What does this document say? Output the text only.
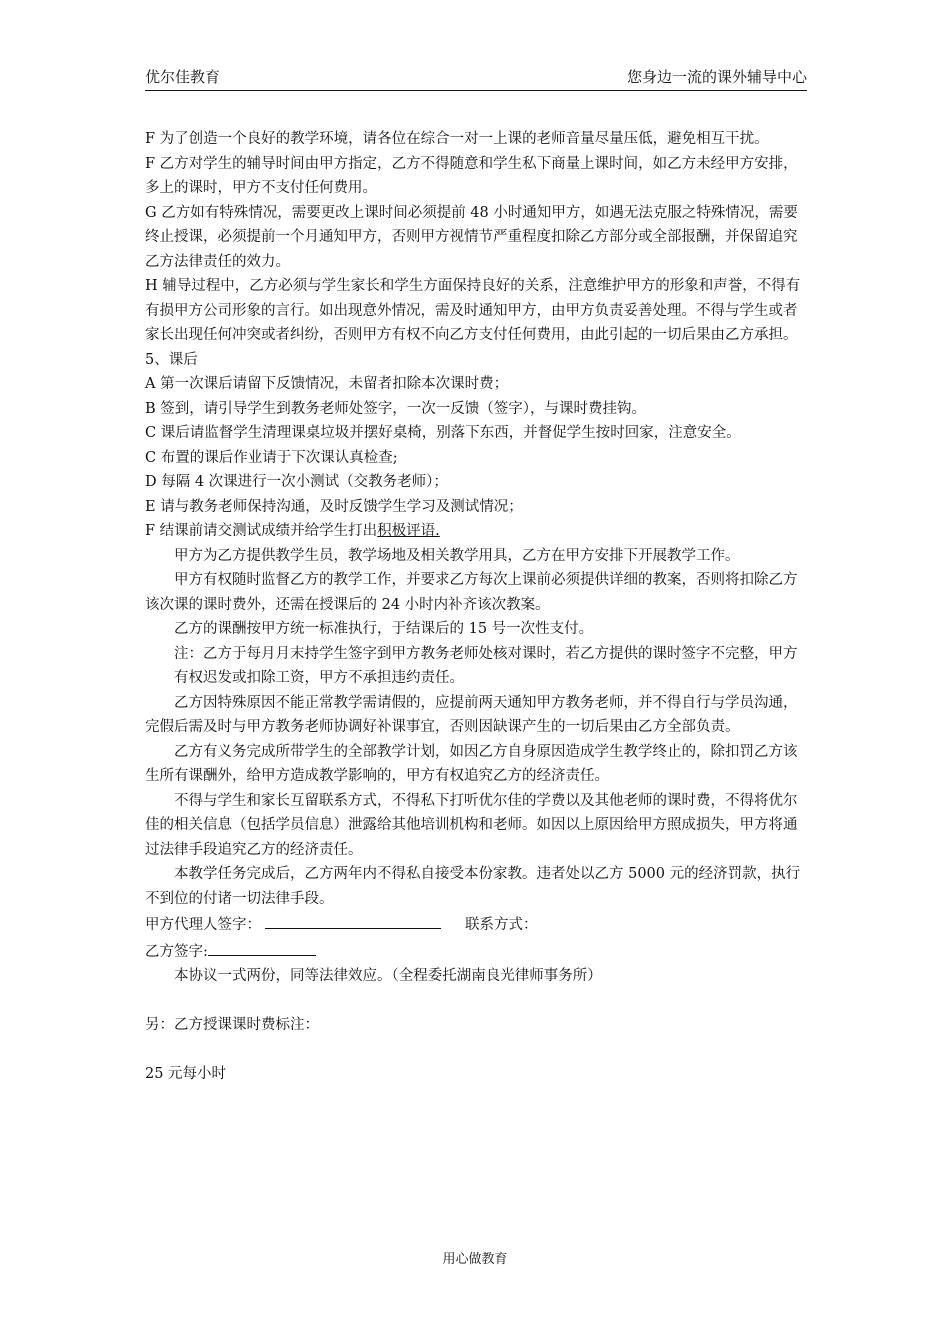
优尔佳教育	您身边一流的课外辅导中心

F 为了创造一个良好的教学环境，请各位在综合一对一上课的老师音量尽量压低，避免相互干扰。

F 乙方对学生的辅导时间由甲方指定，乙方不得随意和学生私下商量上课时间，如乙方未经甲方安排，多上的课时，甲方不支付任何费用。

G 乙方如有特殊情况，需要更改上课时间必须提前 48 小时通知甲方，如遇无法克服之特殊情况，需要终止授课，必须提前一个月通知甲方，否则甲方视情节严重程度扣除乙方部分或全部报酬，并保留追究乙方法律责任的效力。

H 辅导过程中，乙方必须与学生家长和学生方面保持良好的关系，注意维护甲方的形象和声誉，不得有有损甲方公司形象的言行。如出现意外情况，需及时通知甲方，由甲方负责妥善处理。不得与学生或者家长出现任何冲突或者纠纷，否则甲方有权不向乙方支付任何费用，由此引起的一切后果由乙方承担。

5、课后

A 第一次课后请留下反馈情况，未留者扣除本次课时费；

B 签到，请引导学生到教务老师处签字，一次一反馈（签字），与课时费挂钩。

C 课后请监督学生清理课桌垃圾并摆好桌椅，别落下东西，并督促学生按时回家，注意安全。

C 布置的课后作业请于下次课认真检查;

D 每隔 4 次课进行一次小测试（交教务老师）；

E 请与教务老师保持沟通，及时反馈学生学习及测试情况；

F 结课前请交测试成绩并给学生打出积极评语.

甲方为乙方提供教学生员，教学场地及相关教学用具，乙方在甲方安排下开展教学工作。

甲方有权随时监督乙方的教学工作，并要求乙方每次上课前必须提供详细的教案，否则将扣除乙方该次课的课时费外，还需在授课后的 24 小时内补齐该次教案。

乙方的课酬按甲方统一标准执行，于结课后的 15 号一次性支付。

注：乙方于每月月末持学生签字到甲方教务老师处核对课时，若乙方提供的课时签字不完整，甲方有权迟发或扣除工资，甲方不承担违约责任。

乙方因特殊原因不能正常教学需请假的，应提前两天通知甲方教务老师，并不得自行与学员沟通，完假后需及时与甲方教务老师协调好补课事宜，否则因缺课产生的一切后果由乙方全部负责。

乙方有义务完成所带学生的全部教学计划，如因乙方自身原因造成学生教学终止的，除扣罚乙方该生所有课酬外，给甲方造成教学影响的，甲方有权追究乙方的经济责任。

不得与学生和家长互留联系方式，不得私下打听优尔佳的学费以及其他老师的课时费，不得将优尔佳的相关信息（包括学员信息）泄露给其他培训机构和老师。如因以上原因给甲方照成损失，甲方将通过法律手段追究乙方的经济责任。

本教学任务完成后，乙方两年内不得私自接受本份家教。违者处以乙方 5000 元的经济罚款，执行不到位的付诸一切法律手段。

甲方代理人签字：	联系方式：

乙方签字:

本协议一式两份，同等法律效应。（全程委托湖南良光律师事务所）

另：乙方授课课时费标注：

25 元每小时

用心做教育
